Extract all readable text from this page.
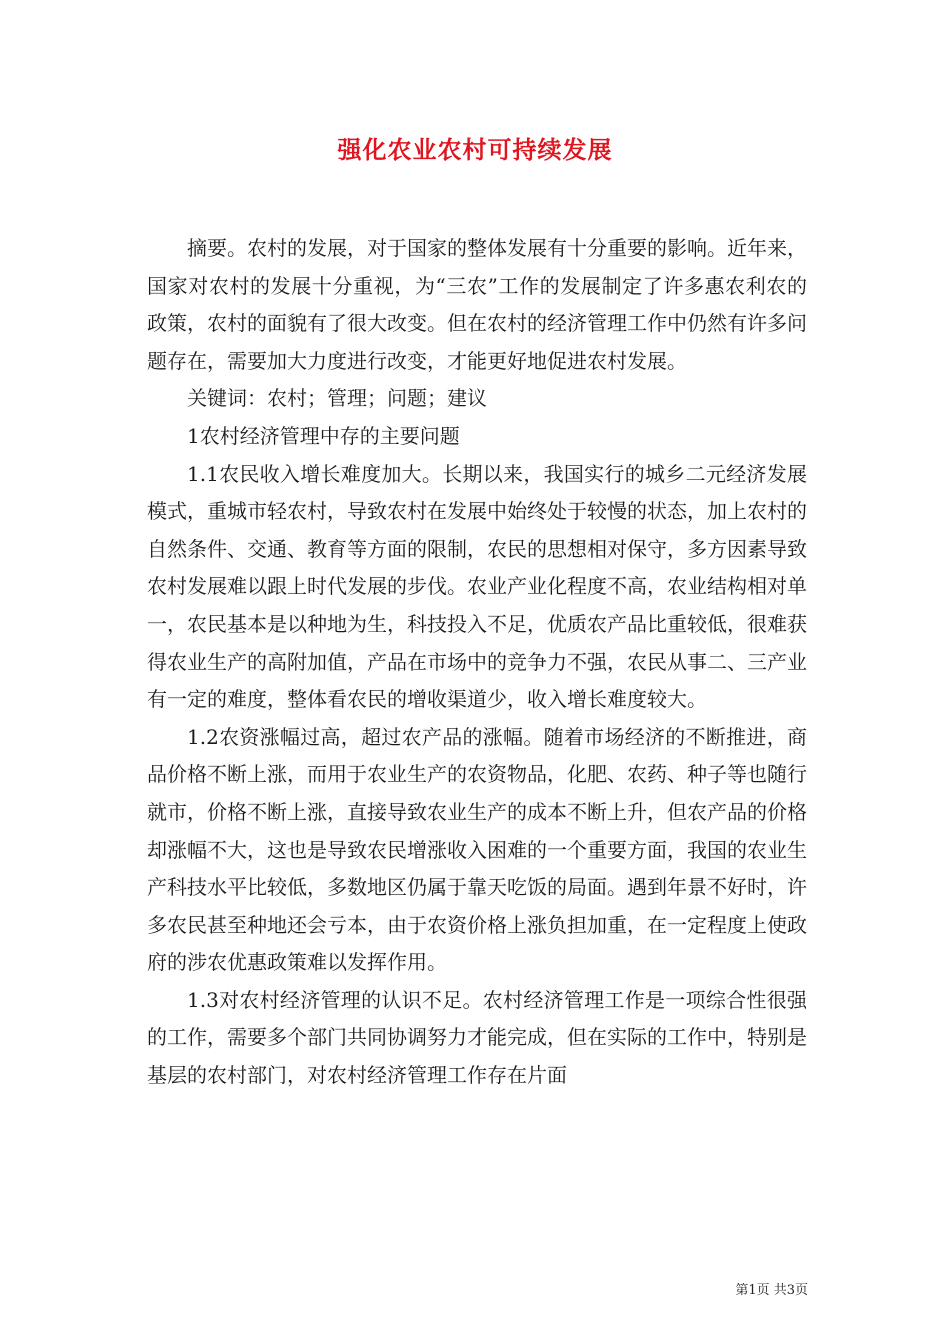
强化农业农村可持续发展

摘要。农村的发展，对于国家的整体发展有十分重要的影响。近年来，国家对农村的发展十分重视，为“三农”工作的发展制定了许多惠农利农的政策，农村的面貌有了很大改变。但在农村的经济管理工作中仍然有许多问题存在，需要加大力度进行改变，才能更好地促进农村发展。

关键词：农村；管理；问题；建议

1农村经济管理中存的主要问题

1.1农民收入增长难度加大。长期以来，我国实行的城乡二元经济发展模式，重城市轻农村，导致农村在发展中始终处于较慢的状态，加上农村的自然条件、交通、教育等方面的限制，农民的思想相对保守，多方因素导致农村发展难以跟上时代发展的步伐。农业产业化程度不高，农业结构相对单一，农民基本是以种地为生，科技投入不足，优质农产品比重较低，很难获得农业生产的高附加值，产品在市场中的竞争力不强，农民从事二、三产业有一定的难度，整体看农民的增收渠道少，收入增长难度较大。

1.2农资涨幅过高，超过农产品的涨幅。随着市场经济的不断推进，商品价格不断上涨，而用于农业生产的农资物品，化肥、农药、种子等也随行就市，价格不断上涨，直接导致农业生产的成本不断上升，但农产品的价格却涨幅不大，这也是导致农民增涨收入困难的一个重要方面，我国的农业生产科技水平比较低，多数地区仍属于靠天吃饭的局面。遇到年景不好时，许多农民甚至种地还会亏本，由于农资价格上涨负担加重，在一定程度上使政府的涉农优惠政策难以发挥作用。

1.3对农村经济管理的认识不足。农村经济管理工作是一项综合性很强的工作，需要多个部门共同协调努力才能完成，但在实际的工作中，特别是基层的农村部门，对农村经济管理工作存在片面

第1页 共3页
